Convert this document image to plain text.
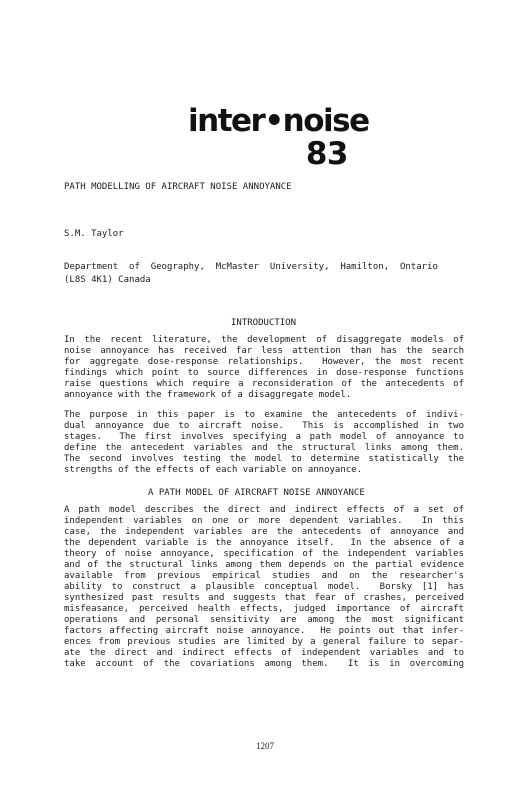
inter•noise
83
PATH MODELLING OF AIRCRAFT NOISE ANNOYANCE
S.M. Taylor
Department  of  Geography,  McMaster  University,  Hamilton,  Ontario
(L8S 4K1) Canada
INTRODUCTION
In the recent literature, the development of disaggregate models of
noise annoyance has received far less attention than has the search
for aggregate dose-response relationships.  However, the most recent
findings which point to source differences in dose-response functions
raise questions which require a reconsideration of the antecedents of
annoyance with the framework of a disaggregate model.
The purpose in this paper is to examine the antecedents of indivi-
dual annoyance due to aircraft noise.  This is accomplished in two
stages.  The first involves specifying a path model of annoyance to
define the antecedent variables and the structural links among them.
The second involves testing the model to determine statistically the
strengths of the effects of each variable on annoyance.
A PATH MODEL OF AIRCRAFT NOISE ANNOYANCE
A path model describes the direct and indirect effects of a set of
independent variables on one or more dependent variables.  In this
case, the independent variables are the antecedents of annoyance and
the dependent variable is the annoyance itself.  In the absence of a
theory of noise annoyance, specification of the independent variables
and of the structural links among them depends on the partial evidence
available from previous empirical studies and on the researcher's
ability to construct a plausible conceptual model.  Borsky [1] has
synthesized past results and suggests that fear of crashes, perceived
misfeasance, perceived health effects, judged importance of aircraft
operations and personal sensitivity are among the most significant
factors affecting aircraft noise annoyance.  He points out that infer-
ences from previous studies are limited by a general failure to separ-
ate the direct and indirect effects of independent variables and to
take account of the covariations among them.  It is in overcoming
1207
